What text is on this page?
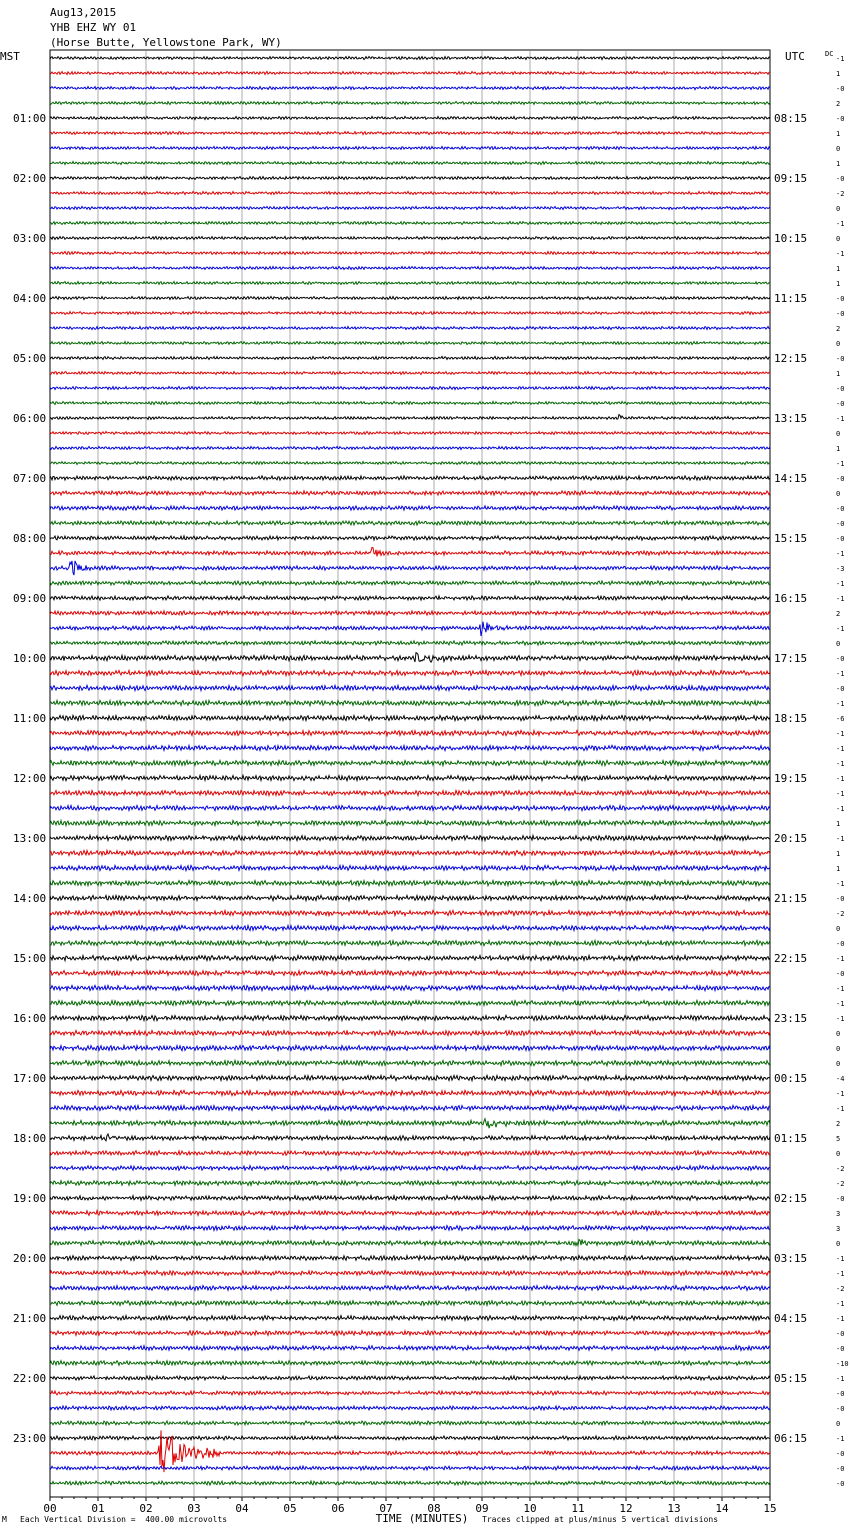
Aug13,2015
YHB EHZ WY 01
(Horse Butte, Yellowstone Park, WY)
01:00
02:00
03:00
04:00
05:00
06:00
07:00
08:00
09:00
10:00
11:00
12:00
13:00
14:00
15:00
16:00
17:00
18:00
19:00
20:00
21:00
22:00
23:00
08:15
09:15
10:15
11:15
12:15
13:15
14:15
15:15
16:15
17:15
18:15
19:15
20:15
21:15
22:15
23:15
00:15
01:15
02:15
03:15
04:15
05:15
06:15
MST	UTC	DC
-1
1
-0
2
-0
1
0
1
-0
-2
0
-1
0
-1
1
1
-0
-0
2
0
-0
1
-0
-0
-1
0
1
-1
-0
0
-0
-0
-0
-1
-3
-1
-1
2
-1
0
-0
-1
-0
-1
-6
-1
-1
-1
-1
-1
-1
1
-1
1
1
-1
-0
-2
0
-0
-1
-0
-1
-1
-1
0
0
0
-4
-1
-1
2
5
0
-2
-2
-0
3
3
0
-1
-1
-2
-1
-1
-0
-0
-10
-1
-0
-0
0
-1
-0
-0
-0
00	01	02	03	04	05	06	07	08	09	10	11	12	13	14	15
TIME (MINUTES)
M Each Vertical Division =  400.00 microvolts	Traces clipped at plus/minus 5 vertical divisions
